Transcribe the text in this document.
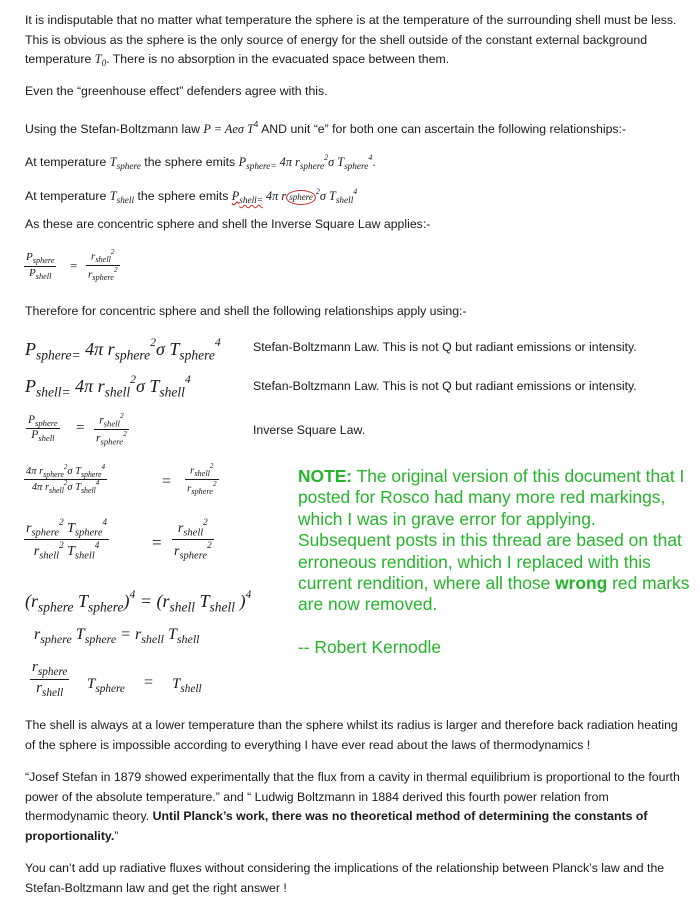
It is indisputable that no matter what temperature the sphere is at the temperature of the surrounding shell must be less. This is obvious as the sphere is the only source of energy for the shell outside of the constant external background temperature $T_0$. There is no absorption in the evacuated space between them.

Even the “greenhouse effect” defenders agree with this.

Using the Stefan-Boltzmann law P = Aeσ $T^4$ AND unit “e” for both one can ascertain the following relationships:-

At temperature $T_{sphere}$ the sphere emits $P_{sphere=}$ 4π $r_{sphere}^2\sigma$ $T_{sphere}^4$.

At temperature $T_{shell}$ the sphere emits $P_{shell=}$ 4π r sphere$^2$σ $T_{shell}^4$

As these are concentric sphere and shell the Inverse Square Law applies:-

$P_{sphere}$
$P_{shell}$
=
$r_{shell}^2$
$r_{sphere}^2$

Therefore for concentric sphere and shell the following relationships apply using:-

$P_{sphere=}$ 4π $r_{sphere}^2\sigma$ $T_{sphere}^4$	Stefan-Boltzmann Law. This is not Q but radiant emissions or intensity.
$P_{shell=}$ 4π $r_{shell}^2\sigma$ $T_{shell}^4$	Stefan-Boltzmann Law. This is not Q but radiant emissions or intensity.
$P_{sphere}$
$P_{shell}$
=	$r_{shell}^2$
$r_{sphere}^2$	Inverse Square Law.
4π $r_{sphere}^2\sigma$ $T_{sphere}^4$
4π $r_{shell}^2\sigma$ $T_{shell}^4$	=
$r_{shell}^2$
$r_{sphere}^2$
$r_{sphere}^2$ $T_{sphere}^4$
$r_{shell}^2$ $T_{shell}^4$	=
$r_{shell}^2$
$r_{sphere}^2$
($r_{sphere}$ $T_{sphere})^4 = (r_{shell}$ $T_{shell}$ )$^4$
$r_{sphere}$ $T_{sphere} = r_{shell}$ $T_{shell}$
$r_{sphere}$
$r_{shell}$
$T_{sphere} = T_{shell}$
NOTE: The original version of this document that I posted for Rosco had many more red markings, which I was in grave error for applying. Subsequent posts in this thread are based on that erroneous rendition, which I replaced with this current rendition, where all those wrong red marks are now removed.

-- Robert Kernodle

The shell is always at a lower temperature than the sphere whilst its radius is larger and therefore back radiation heating of the sphere is impossible according to everything I have ever read about the laws of thermodynamics !

“Josef Stefan in 1879 showed experimentally that the flux from a cavity in thermal equilibrium is proportional to the fourth power of the absolute temperature.” and “ Ludwig Boltzmann in 1884 derived this fourth power relation from thermodynamic theory. Until Planck’s work, there was no theoretical method of determining the constants of proportionality.”

You can’t add up radiative fluxes without considering the implications of the relationship between Planck’s law and the Stefan-Boltzmann law and get the right answer !
